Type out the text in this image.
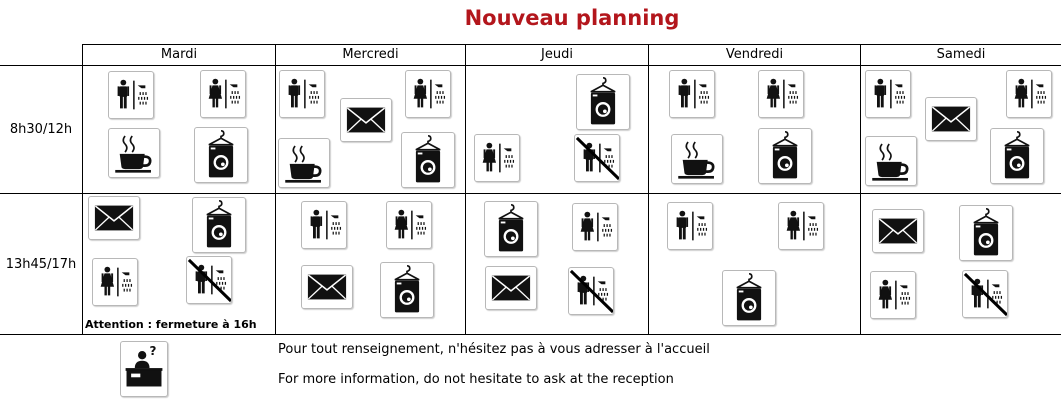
Nouveau planning
Mardi	Mercredi	Jeudi	Vendredi	Samedi
8h30/12h
13h45/17h
Attention : fermeture à 16h
?	Pour tout renseignement, n'hésitez pas à vous adresser à l'accueil
For more information, do not hesitate to ask at the reception
